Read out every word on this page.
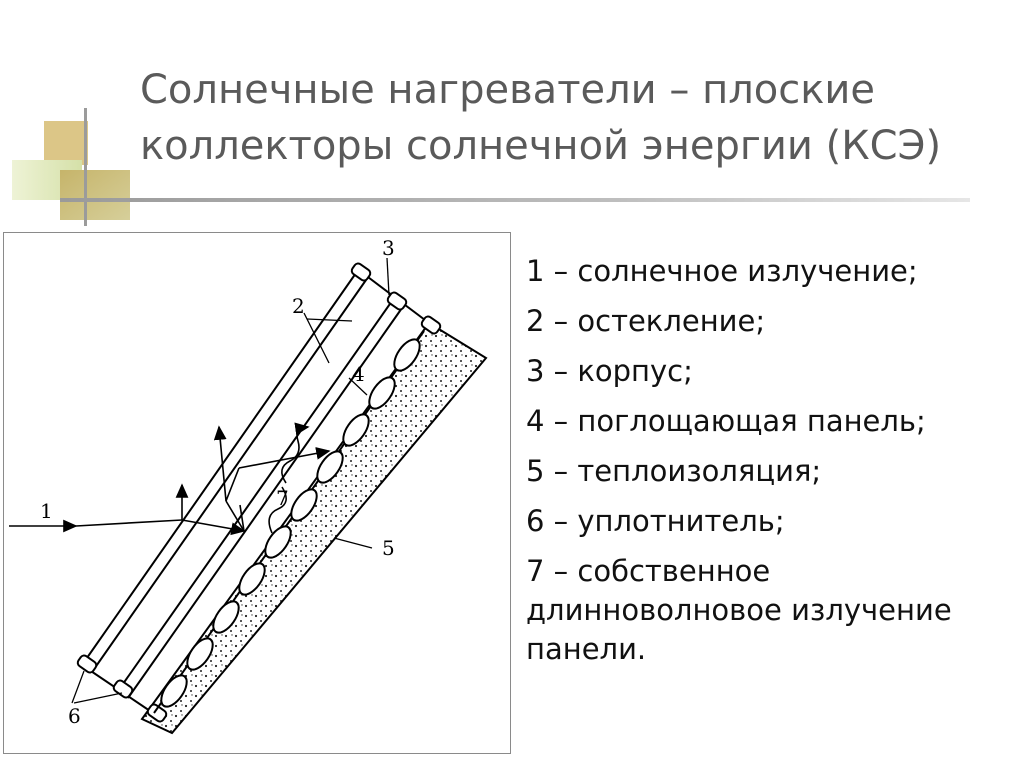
Солнечные нагреватели – плоские
коллекторы солнечной энергии (КСЭ)
1
2
3
4
5
6
7
1 – солнечное излучение;
2 – остекление;
3 – корпус;
4 – поглощающая панель;
5 – теплоизоляция;
6 – уплотнитель;
7 – собственное длинноволновое излучение панели.
